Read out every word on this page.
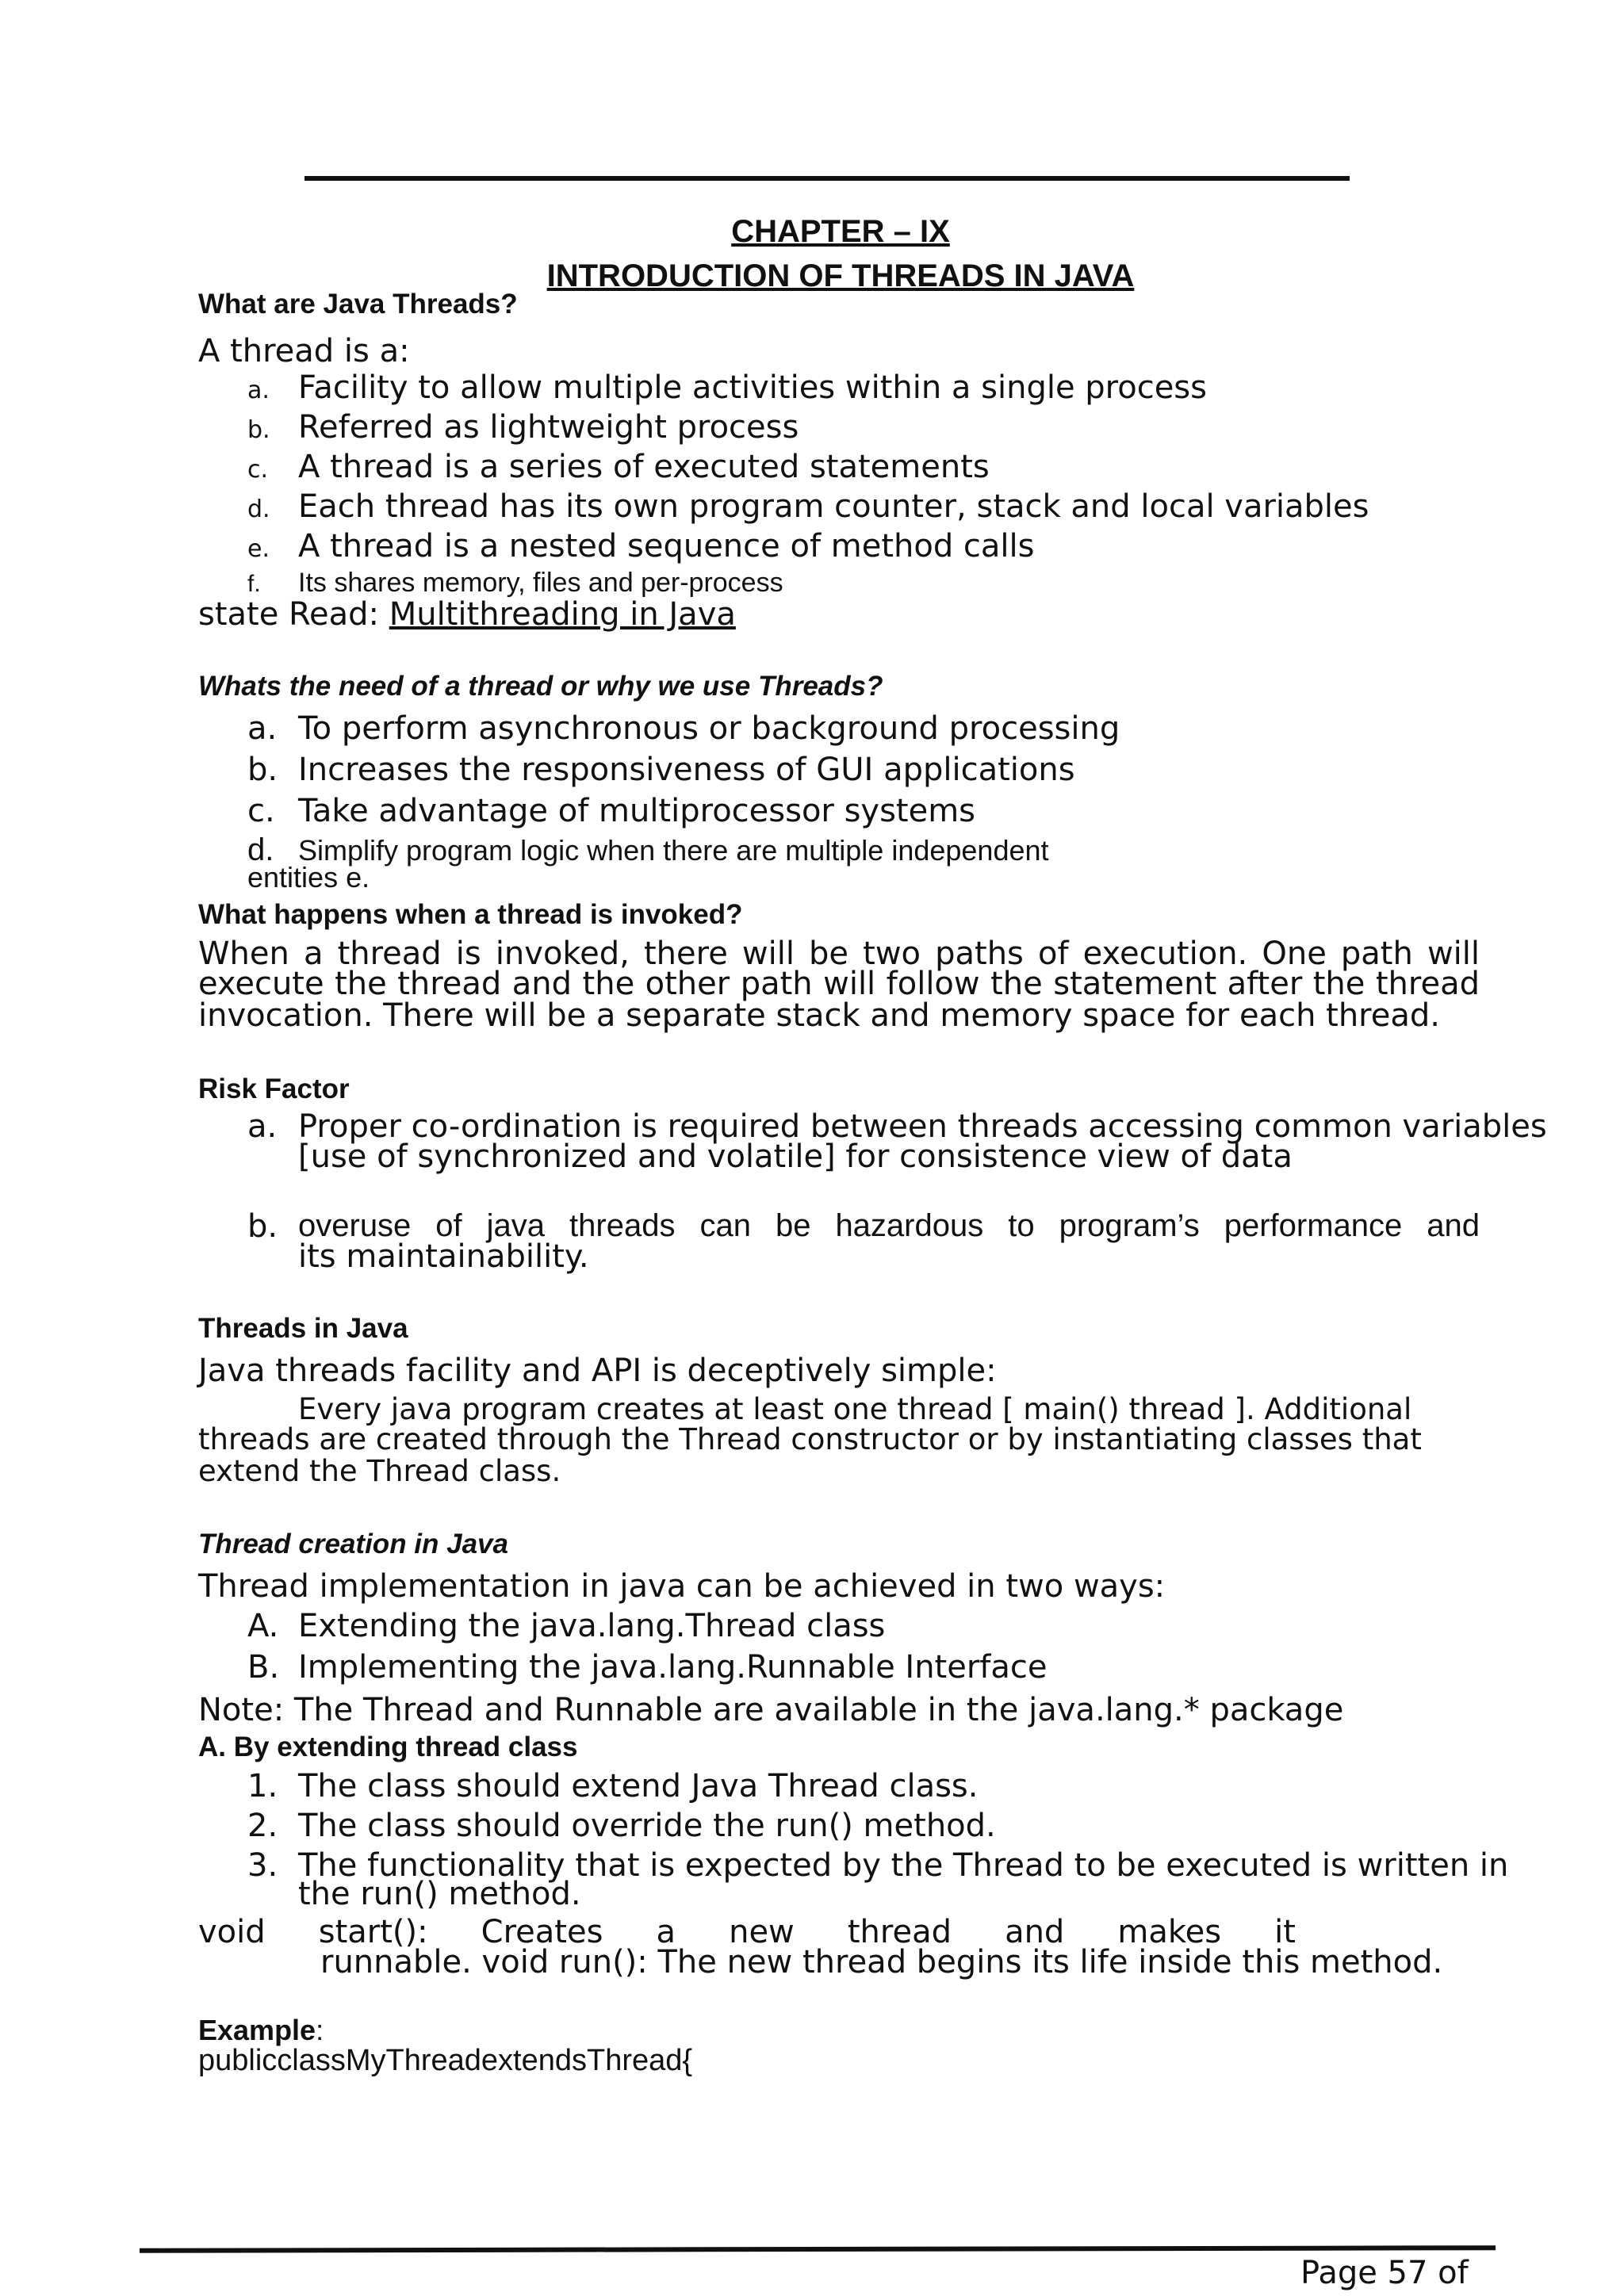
CHAPTER – IX
INTRODUCTION OF THREADS IN JAVA
What are Java Threads?
A thread is a:
a. Facility to allow multiple activities within a single process
b. Referred as lightweight process
c. A thread is a series of executed statements
d. Each thread has its own program counter, stack and local variables
e. A thread is a nested sequence of method calls
f. Its shares memory, files and per-process
state Read: Multithreading in Java
Whats the need of a thread or why we use Threads?
a. To perform asynchronous or background processing
b. Increases the responsiveness of GUI applications
c. Take advantage of multiprocessor systems
d. Simplify program logic when there are multiple independent
entities e.
What happens when a thread is invoked?
When a thread is invoked, there will be two paths of execution. One path will
execute the thread and the other path will follow the statement after the thread
invocation. There will be a separate stack and memory space for each thread.
Risk Factor
a. Proper co-ordination is required between threads accessing common variables
[use of synchronized and volatile] for consistence view of data
b. overuse of java threads can be hazardous to program’s performance and
its maintainability.
Threads in Java
Java threads facility and API is deceptively simple:
Every java program creates at least one thread [ main() thread ]. Additional
threads are created through the Thread constructor or by instantiating classes that
extend the Thread class.
Thread creation in Java
Thread implementation in java can be achieved in two ways:
A. Extending the java.lang.Thread class
B. Implementing the java.lang.Runnable Interface
Note: The Thread and Runnable are available in the java.lang.* package
A. By extending thread class
1. The class should extend Java Thread class.
2. The class should override the run() method.
3. The functionality that is expected by the Thread to be executed is written in
the run() method.
void start(): Creates a new thread and makes it
runnable. void run(): The new thread begins its life inside this method.
Example:
publicclassMyThreadextendsThread{
Page 57 of
